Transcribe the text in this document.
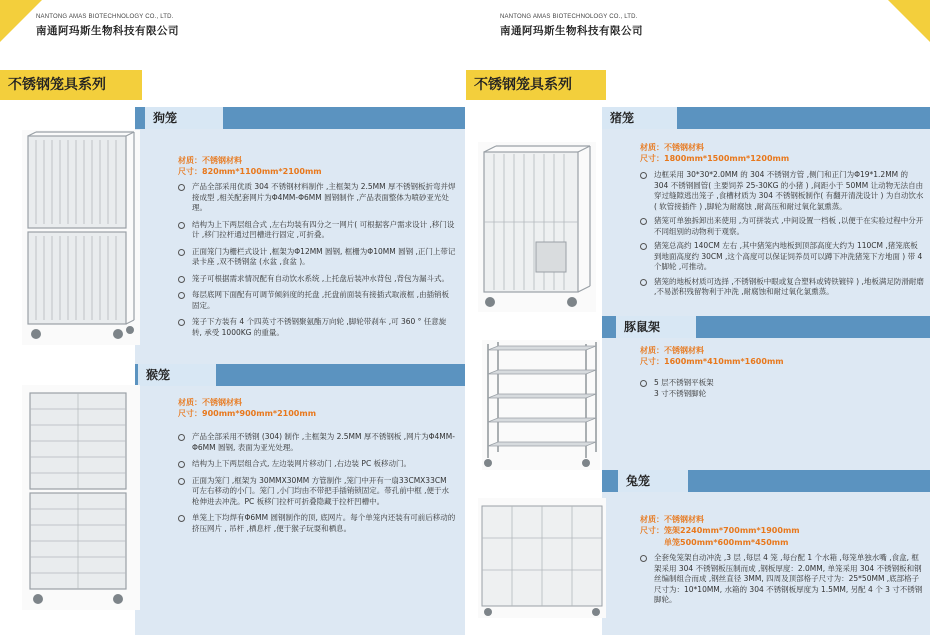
NANTONG AMAS BIOTECHNOLOGY CO., LTD.
南通阿玛斯生物科技有限公司
NANTONG AMAS BIOTECHNOLOGY CO., LTD.
南通阿玛斯生物科技有限公司
不锈钢笼具系列	不锈钢笼具系列
狗笼
材质：不锈钢材料
尺寸：820mm*1100mm*2100mm
产品全部采用优质 304 不锈钢材料制作 ,主框架为 2.5MM 厚不锈钢板折弯并焊接成型 ,相关配套网片为Φ4MM-Φ6MM 圆钢制作 ,产品表面整体为喷砂亚光处理。
结构为上下两层组合式 ,左右均装有四分之一网片( 可根据客户需求设计 ,移门设计 ,移门拉杆通过凹槽进行固定 ,可折叠。
正面笼门为栅栏式设计 ,框架为Φ12MM 圆钢, 框栅为Φ10MM 圆钢 ,正门上带记录卡座 ,双不锈钢盆 (水盆 ,食盆 )。
笼子可根据需求情况配有自动饮水系统 ,上托盘后装冲水背包 ,背包为漏斗式。
每层底网下面配有可调节倾斜度的托盘 ,托盘前面装有接插式取液框 ,由插销板固定。
笼子下方装有 4 个四英寸不锈钢聚氨酯万向轮 ,脚轮带刹车 ,可 360 ° 任意旋转, 承受 1000KG 的重量。
猴笼
材质：不锈钢材料
尺寸：900mm*900mm*2100mm
产品全部采用不锈钢 (304) 制作 ,主框架为 2.5MM 厚不锈钢板 ,网片为Φ4MM-Φ6MM 圆钢, 表面为亚光处理。
结构为上下两层组合式, 左边装网片移动门 ,右边装 PC 板移动门。
正面为笼门 ,框架为 30MMX30MM 方管制作 ,笼门中开有一扇33CMX33CM 可左右移动的小门。笼门 ,小门均由不带把手插销锁固定。带孔前中框 ,便于水枪伸进去冲洗。PC 板移门拉杆可折叠隐藏于拉杆凹槽中。
单笼上下均焊有Φ6MM 圆钢制作的顶, 底网片。每个单笼内还装有可前后移动的挤压网片 , 吊杆 ,栖息杆 ,便于猴子玩耍和栖息。
猪笼
材质：不锈钢材料
尺寸：1800mm*1500mm*1200mm
边框采用 30*30*2.0MM 的 304 不锈钢方管 ,侧门和正门为Φ19*1.2MM 的 304 不锈钢圆管( 主要饲养 25-30KG 的小猪 ) ,间距小于 50MM 让动物无法自由穿过缝隙逃出笼子 ,食槽材质为 304 不锈钢板制作( 有翻开清洗设计 ) 为自动饮水( 软管接插件 ) ,脚轮为耐腐蚀 ,耐高压和耐过氧化氯熏蒸。
猪笼可单独拆卸出来使用 ,为可拼装式 ,中间设置一档板 ,以便于在实验过程中分开不同组别的动物利于观察。
猪笼总高约 140CM 左右 ,其中猪笼内地板到顶部高度大约为 110CM ,猪笼底板到地面高度约 30CM ,这个高度可以保证饲养员可以蹲下冲洗猪笼下方地面 ) 带 4 个脚轮 ,可推动。
猪笼的地板材质可选择 ,不锈钢板中眼或复合塑料或铸铁镀锌 ) ,地板满足防滑耐磨 ,不易淤积残留物利于冲洗 ,耐腐蚀和耐过氧化氯熏蒸。
豚鼠架
材质：不锈钢材料
尺寸：1600mm*410mm*1600mm
5 层不锈钢平板架
3 寸不锈钢脚轮
兔笼
材质：不锈钢材料
尺寸：笼架2240mm*700mm*1900mm
单笼500mm*600mm*450mm
全套兔笼架自动冲洗 ,3 层 ,每层 4 笼 ,每台配 1 个水箱 ,每笼单独水嘴 ,食盒, 框架采用 304 不锈钢板压制而成 ,钢板厚度：2.0MM, 单笼采用 304 不锈钢板和钢丝编制组合而成 ,钢丝直径 3MM, 四周及顶部格子尺寸为：25*50MM ,底部格子尺寸为：10*10MM, 水箱的 304 不锈钢板厚度为 1.5MM, 另配 4 个 3 寸不锈钢脚轮。
